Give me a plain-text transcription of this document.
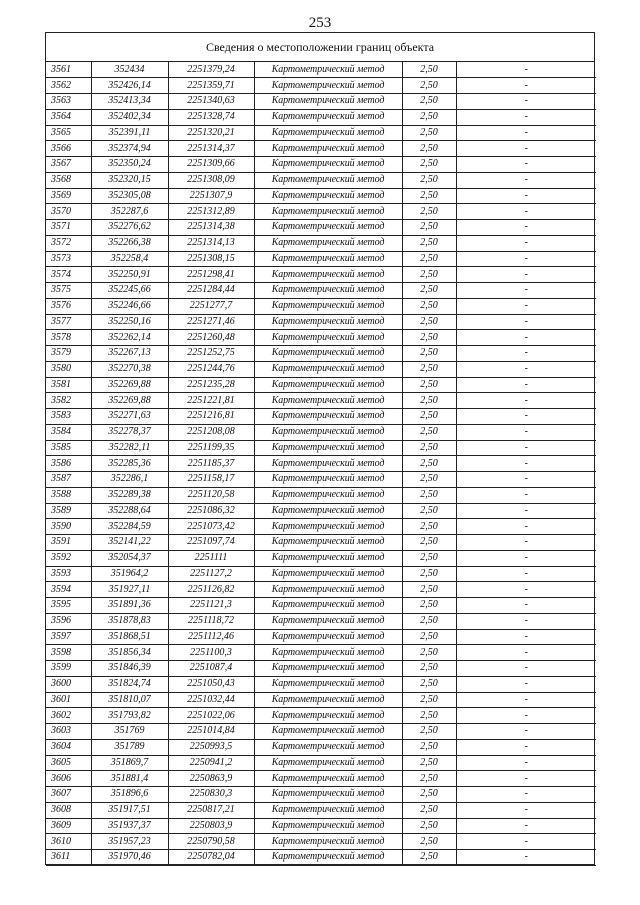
253
Сведения о местоположении границ объекта
3561	352434	2251379,24	Картометрический метод	2,50	-
3562	352426,14	2251359,71	Картометрический метод	2,50	-
3563	352413,34	2251340,63	Картометрический метод	2,50	-
3564	352402,34	2251328,74	Картометрический метод	2,50	-
3565	352391,11	2251320,21	Картометрический метод	2,50	-
3566	352374,94	2251314,37	Картометрический метод	2,50	-
3567	352350,24	2251309,66	Картометрический метод	2,50	-
3568	352320,15	2251308,09	Картометрический метод	2,50	-
3569	352305,08	2251307,9	Картометрический метод	2,50	-
3570	352287,6	2251312,89	Картометрический метод	2,50	-
3571	352276,62	2251314,38	Картометрический метод	2,50	-
3572	352266,38	2251314,13	Картометрический метод	2,50	-
3573	352258,4	2251308,15	Картометрический метод	2,50	-
3574	352250,91	2251298,41	Картометрический метод	2,50	-
3575	352245,66	2251284,44	Картометрический метод	2,50	-
3576	352246,66	2251277,7	Картометрический метод	2,50	-
3577	352250,16	2251271,46	Картометрический метод	2,50	-
3578	352262,14	2251260,48	Картометрический метод	2,50	-
3579	352267,13	2251252,75	Картометрический метод	2,50	-
3580	352270,38	2251244,76	Картометрический метод	2,50	-
3581	352269,88	2251235,28	Картометрический метод	2,50	-
3582	352269,88	2251221,81	Картометрический метод	2,50	-
3583	352271,63	2251216,81	Картометрический метод	2,50	-
3584	352278,37	2251208,08	Картометрический метод	2,50	-
3585	352282,11	2251199,35	Картометрический метод	2,50	-
3586	352285,36	2251185,37	Картометрический метод	2,50	-
3587	352286,1	2251158,17	Картометрический метод	2,50	-
3588	352289,38	2251120,58	Картометрический метод	2,50	-
3589	352288,64	2251086,32	Картометрический метод	2,50	-
3590	352284,59	2251073,42	Картометрический метод	2,50	-
3591	352141,22	2251097,74	Картометрический метод	2,50	-
3592	352054,37	2251111	Картометрический метод	2,50	-
3593	351964,2	2251127,2	Картометрический метод	2,50	-
3594	351927,11	2251126,82	Картометрический метод	2,50	-
3595	351891,36	2251121,3	Картометрический метод	2,50	-
3596	351878,83	2251118,72	Картометрический метод	2,50	-
3597	351868,51	2251112,46	Картометрический метод	2,50	-
3598	351856,34	2251100,3	Картометрический метод	2,50	-
3599	351846,39	2251087,4	Картометрический метод	2,50	-
3600	351824,74	2251050,43	Картометрический метод	2,50	-
3601	351810,07	2251032,44	Картометрический метод	2,50	-
3602	351793,82	2251022,06	Картометрический метод	2,50	-
3603	351769	2251014,84	Картометрический метод	2,50	-
3604	351789	2250993,5	Картометрический метод	2,50	-
3605	351869,7	2250941,2	Картометрический метод	2,50	-
3606	351881,4	2250863,9	Картометрический метод	2,50	-
3607	351896,6	2250830,3	Картометрический метод	2,50	-
3608	351917,51	2250817,21	Картометрический метод	2,50	-
3609	351937,37	2250803,9	Картометрический метод	2,50	-
3610	351957,23	2250790,58	Картометрический метод	2,50	-
3611	351970,46	2250782,04	Картометрический метод	2,50	-
